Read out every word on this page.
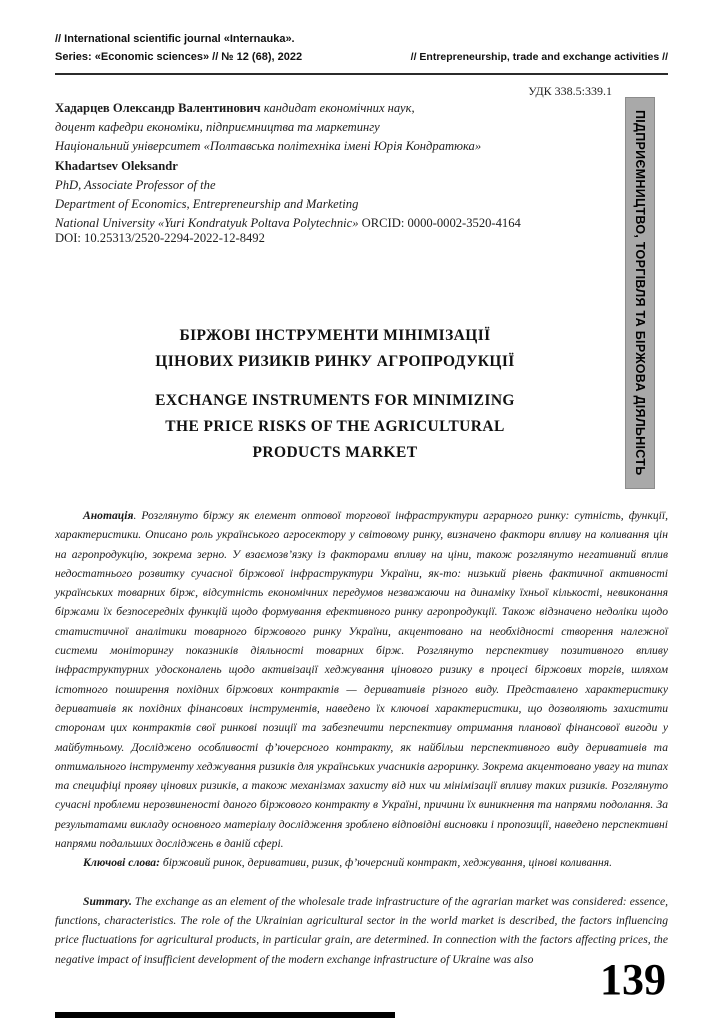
// International scientific journal «Internauka».
Series: «Economic sciences» // № 12 (68), 2022	// Entrepreneurship, trade and exchange activities //
УДК 338.5:339.1
ПІДПРИЄМНИЦТВО, ТОРГІВЛЯ ТА БІРЖОВА ДІЯЛЬНІСТЬ
Хадарцев Олександр Валентинович кандидат економічних наук,
доцент кафедри економіки, підприємництва та маркетингу
Національний університет «Полтавська політехніка імені Юрія Кондратюка»
Khadartsev Oleksandr
PhD, Associate Professor of the
Department of Economics, Entrepreneurship and Marketing
National University «Yuri Kondratyuk Poltava Polytechnic» ORCID: 0000-0002-3520-4164
DOI: 10.25313/2520-2294-2022-12-8492
БІРЖОВІ ІНСТРУМЕНТИ МІНІМІЗАЦІЇ
ЦІНОВИХ РИЗИКІВ РИНКУ АГРОПРОДУКЦІЇ
EXCHANGE INSTRUMENTS FOR MINIMIZING
THE PRICE RISKS OF THE AGRICULTURAL
PRODUCTS MARKET

Анотація. Розглянуто біржу як елемент оптової торгової інфраструктури аграрного ринку: сутність, функції, характеристики. Описано роль українського агросектору у світовому ринку, визначено фактори впливу на коливання цін на агропродукцію, зокрема зерно. У взаємозв’язку із факторами впливу на ціни, також розглянуто негативний вплив недостатнього розвитку сучасної біржової інфраструктури України, як-то: низький рівень фактичної активності українських товарних бірж, відсутність економічних передумов незважаючи на динаміку їхньої кількості, невиконання біржами їх безпосередніх функцій щодо формування ефективного ринку агропродукції. Також відзначено недоліки щодо статистичної аналітики товарного біржового ринку України, акцентовано на необхідності створення належної системи моніторингу показників діяльності товарних бірж. Розглянуто перспективу позитивного впливу інфраструктурних удосконалень щодо активізації хеджування цінового ризику в процесі біржових торгів, шляхом істотного поширення похідних біржових контрактів — деривативів різного виду. Представлено характеристику деривативів як похідних фінансових інструментів, наведено їх ключові характеристики, що дозволяють захистити сторонам цих контрактів свої ринкові позиції та забезпечити перспективу отримання планової фінансової вигоди у майбутньому. Досліджено особливості ф’ючерсного контракту, як найбільш перспективного виду деривативів та оптимального інструменту хеджування ризиків для українських учасників агроринку. Зокрема акцентовано увагу на типах та специфіці прояву цінових ризиків, а також механізмах захисту від них чи мінімізації впливу таких ризиків. Розглянуто сучасні проблеми нерозвиненості даного біржового контракту в Україні, причини їх виникнення та напрями подолання. За результатами викладу основного матеріалу дослідження зроблено відповідні висновки і пропозиції, наведено перспективні напрями подальших досліджень в даній сфері.

Ключові слова: біржовий ринок, деривативи, ризик, ф’ючерсний контракт, хеджування, цінові коливання.

Summary. The exchange as an element of the wholesale trade infrastructure of the agrarian market was considered: essence, functions, characteristics. The role of the Ukrainian agricultural sector in the world market is described, the factors influencing price fluctuations for agricultural products, in particular grain, are determined. In connection with the factors affecting prices, the negative impact of insufficient development of the modern exchange infrastructure of Ukraine was also	139
